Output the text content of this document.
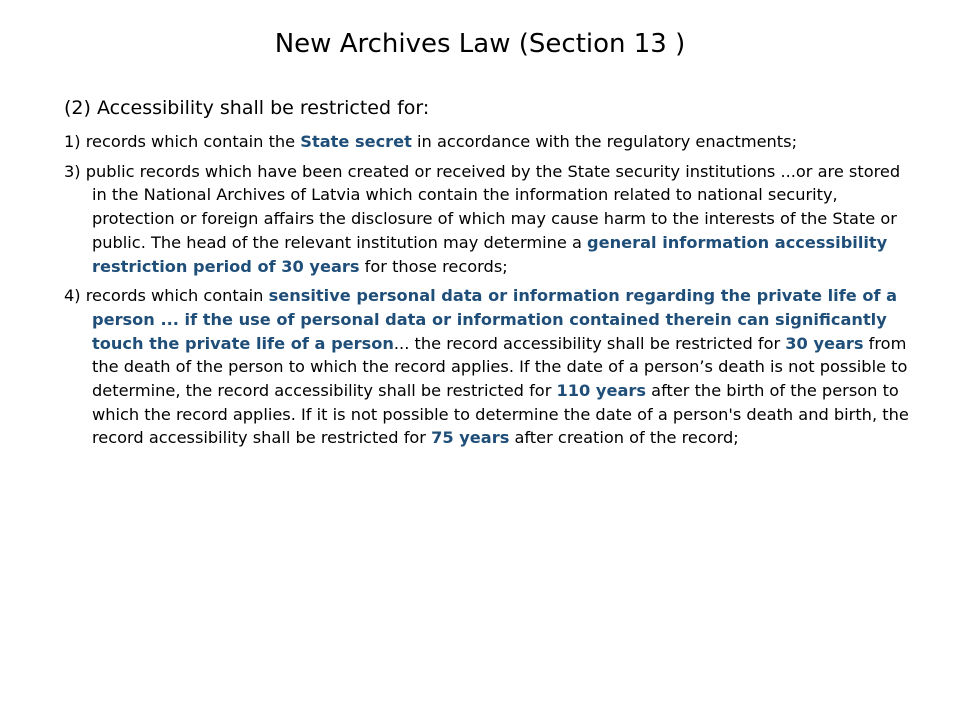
New Archives Law (Section 13 )
(2) Accessibility shall be restricted for:

1) records which contain the State secret in accordance with the regulatory enactments;

3) public records which have been created or received by the State security institutions ...or are stored in the National Archives of Latvia which contain the information related to national security, protection or foreign affairs the disclosure of which may cause harm to the interests of the State or public. The head of the relevant institution may determine a general information accessibility restriction period of 30 years for those records;

4) records which contain sensitive personal data or information regarding the private life of a person ... if the use of personal data or information contained therein can significantly touch the private life of a person... the record accessibility shall be restricted for 30 years from the death of the person to which the record applies. If the date of a person’s death is not possible to determine, the record accessibility shall be restricted for 110 years after the birth of the person to which the record applies. If it is not possible to determine the date of a person's death and birth, the record accessibility shall be restricted for 75 years after creation of the record;
